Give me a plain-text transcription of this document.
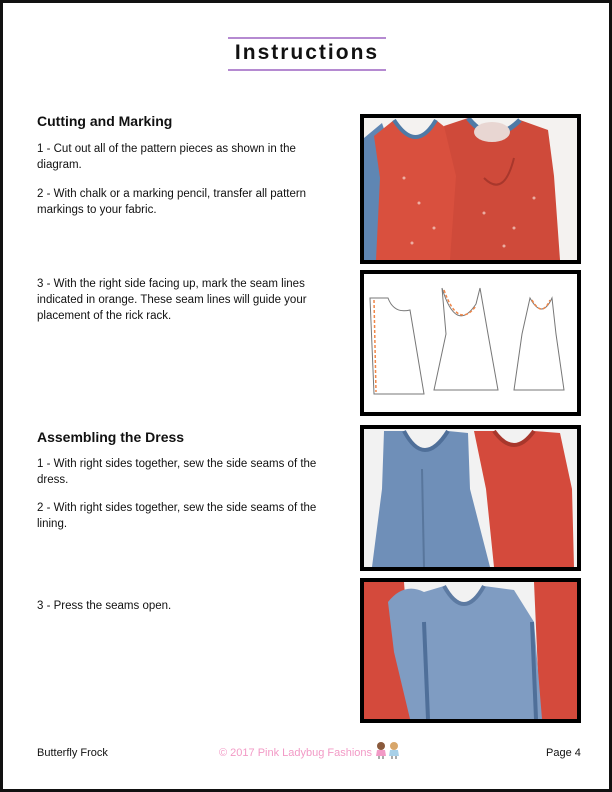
Instructions
Cutting and Marking
1 - Cut out all of the pattern pieces as shown in the diagram.
2 - With chalk or a marking pencil, transfer all pattern markings to your fabric.
3 - With the right side facing up, mark the seam lines indicated in orange. These seam lines will guide your placement of the rick rack.
Assembling the Dress
1 - With right sides together, sew the side seams of the dress.
2 - With right sides together, sew the side seams of the lining.
3 - Press the seams open.
Butterfly Frock	© 2017 Pink Ladybug Fashions	Page 4
